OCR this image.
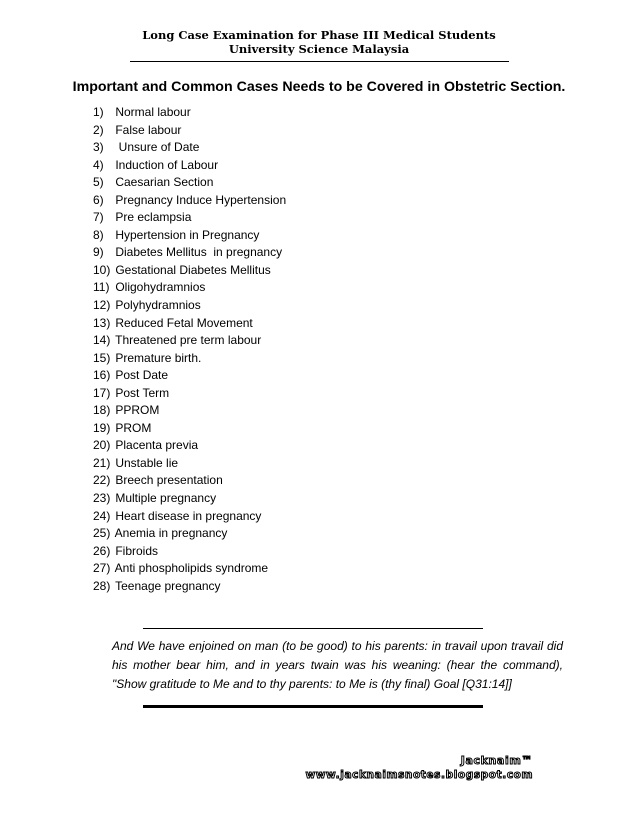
Long Case Examination for Phase III Medical Students
University Science Malaysia
Important and Common Cases Needs to be Covered in Obstetric Section.
1) Normal labour
2) False labour
3)  Unsure of Date
4) Induction of Labour
5) Caesarian Section
6) Pregnancy Induce Hypertension
7) Pre eclampsia
8) Hypertension in Pregnancy
9) Diabetes Mellitus  in pregnancy
10) Gestational Diabetes Mellitus
11) Oligohydramnios
12) Polyhydramnios
13) Reduced Fetal Movement
14) Threatened pre term labour
15) Premature birth.
16) Post Date
17) Post Term
18) PPROM
19) PROM
20) Placenta previa
21) Unstable lie
22) Breech presentation
23) Multiple pregnancy
24) Heart disease in pregnancy
25) Anemia in pregnancy
26) Fibroids
27) Anti phospholipids syndrome
28) Teenage pregnancy

And We have enjoined on man (to be good) to his parents: in travail upon travail did his mother bear him, and in years twain was his weaning: (hear the command), "Show gratitude to Me and to thy parents: to Me is (thy final) Goal [Q31:14]]

Jacknaim™
www.jacknaimsnotes.blogspot.com
